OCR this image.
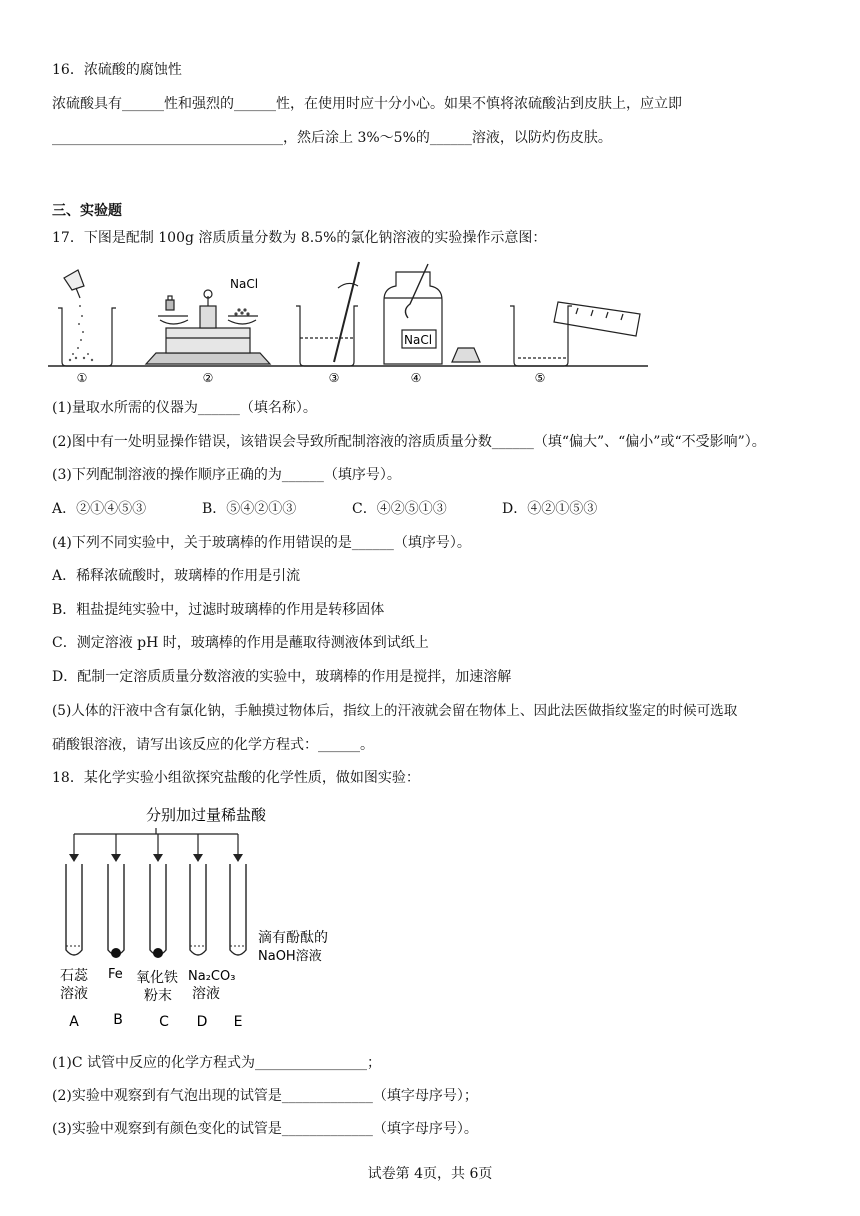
16．浓硫酸的腐蚀性
浓硫酸具有______性和强烈的______性，在使用时应十分小心。如果不慎将浓硫酸沾到皮肤上，应立即
_________________________________，然后涂上 3%～5%的______溶液，以防灼伤皮肤。
三、实验题
17．下图是配制 100g 溶质质量分数为 8.5%的氯化钠溶液的实验操作示意图：
NaCl
NaCl
①	②	③	④	⑤
(1)量取水所需的仪器为______（填名称）。
(2)图中有一处明显操作错误，该错误会导致所配制溶液的溶质质量分数______（填“偏大”、“偏小”或“不受影响”）。
(3)下列配制溶液的操作顺序正确的为______（填序号）。
A．②①④⑤③	B．⑤④②①③	C．④②⑤①③	D．④②①⑤③
(4)下列不同实验中，关于玻璃棒的作用错误的是______（填序号）。
A．稀释浓硫酸时，玻璃棒的作用是引流
B．粗盐提纯实验中，过滤时玻璃棒的作用是转移固体
C．测定溶液 pH 时，玻璃棒的作用是蘸取待测液体到试纸上
D．配制一定溶质质量分数溶液的实验中，玻璃棒的作用是搅拌，加速溶解
(5)人体的汗液中含有氯化钠，手触摸过物体后，指纹上的汗液就会留在物体上、因此法医做指纹鉴定的时候可选取
硝酸银溶液，请写出该反应的化学方程式：______。
18．某化学实验小组欲探究盐酸的化学性质，做如图实验：
分别加过量稀盐酸
石蕊
溶液
Fe 氧化铁
粉末
Na₂CO₃
溶液
滴有酚酞的
NaOH溶液
A B	C D E
(1)C 试管中反应的化学方程式为________________；
(2)实验中观察到有气泡出现的试管是_____________（填字母序号）；
(3)实验中观察到有颜色变化的试管是_____________（填字母序号）。
试卷第 4页，共 6页
